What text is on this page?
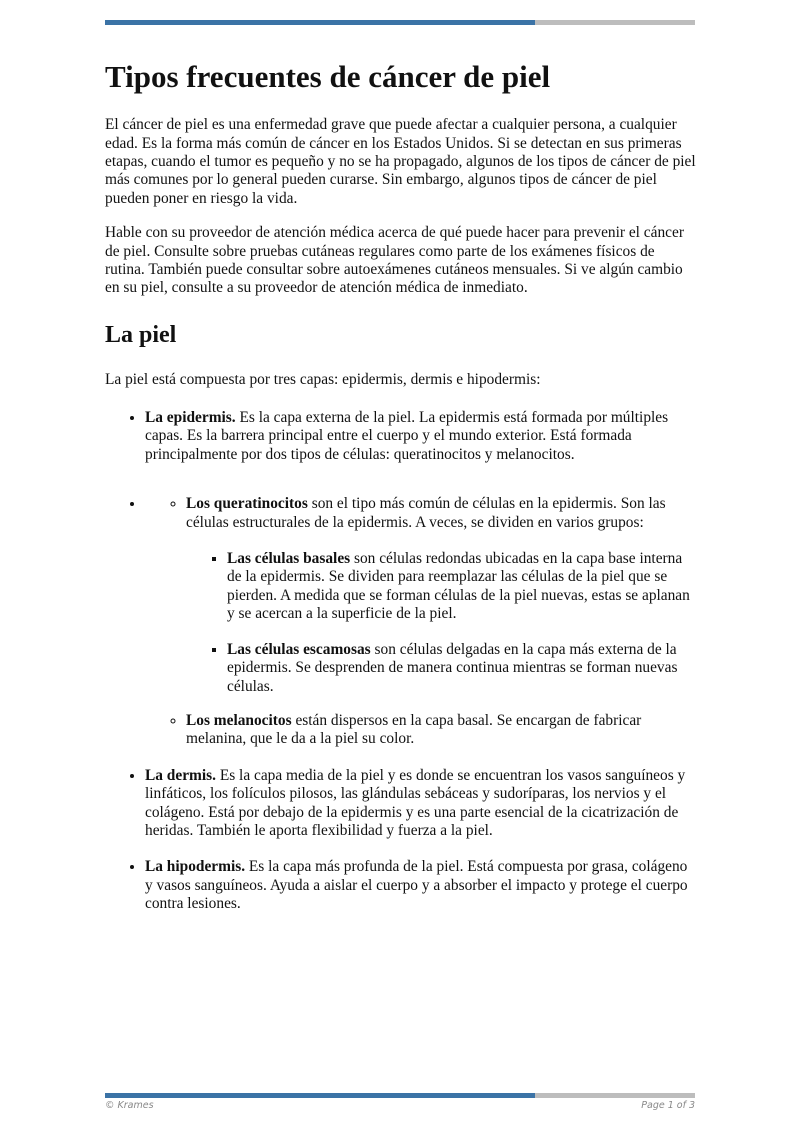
Tipos frecuentes de cáncer de piel

El cáncer de piel es una enfermedad grave que puede afectar a cualquier persona, a cualquier edad. Es la forma más común de cáncer en los Estados Unidos. Si se detectan en sus primeras etapas, cuando el tumor es pequeño y no se ha propagado, algunos de los tipos de cáncer de piel más comunes por lo general pueden curarse. Sin embargo, algunos tipos de cáncer de piel pueden poner en riesgo la vida.

Hable con su proveedor de atención médica acerca de qué puede hacer para prevenir el cáncer de piel. Consulte sobre pruebas cutáneas regulares como parte de los exámenes físicos de rutina. También puede consultar sobre autoexámenes cutáneos mensuales. Si ve algún cambio en su piel, consulte a su proveedor de atención médica de inmediato.

La piel

La piel está compuesta por tres capas: epidermis, dermis e hipodermis:

• La epidermis. Es la capa externa de la piel. La epidermis está formada por múltiples capas. Es la barrera principal entre el cuerpo y el mundo exterior. Está formada principalmente por dos tipos de células: queratinocitos y melanocitos.
◦ • Los queratinocitos son el tipo más común de células en la epidermis. Son las células estructurales de la epidermis. A veces, se dividen en varios grupos:
▪ Las células basales son células redondas ubicadas en la capa base interna de la epidermis. Se dividen para reemplazar las células de la piel que se pierden. A medida que se forman células de la piel nuevas, estas se aplanan y se acercan a la superficie de la piel.
▪ Las células escamosas son células delgadas en la capa más externa de la epidermis. Se desprenden de manera continua mientras se forman nuevas células.
◦ Los melanocitos están dispersos en la capa basal. Se encargan de fabricar melanina, que le da a la piel su color.
• La dermis. Es la capa media de la piel y es donde se encuentran los vasos sanguíneos y linfáticos, los folículos pilosos, las glándulas sebáceas y sudoríparas, los nervios y el colágeno. Está por debajo de la epidermis y es una parte esencial de la cicatrización de heridas. También le aporta flexibilidad y fuerza a la piel.
• La hipodermis. Es la capa más profunda de la piel. Está compuesta por grasa, colágeno y vasos sanguíneos. Ayuda a aislar el cuerpo y a absorber el impacto y protege el cuerpo contra lesiones.
© Krames	Page 1 of 3
